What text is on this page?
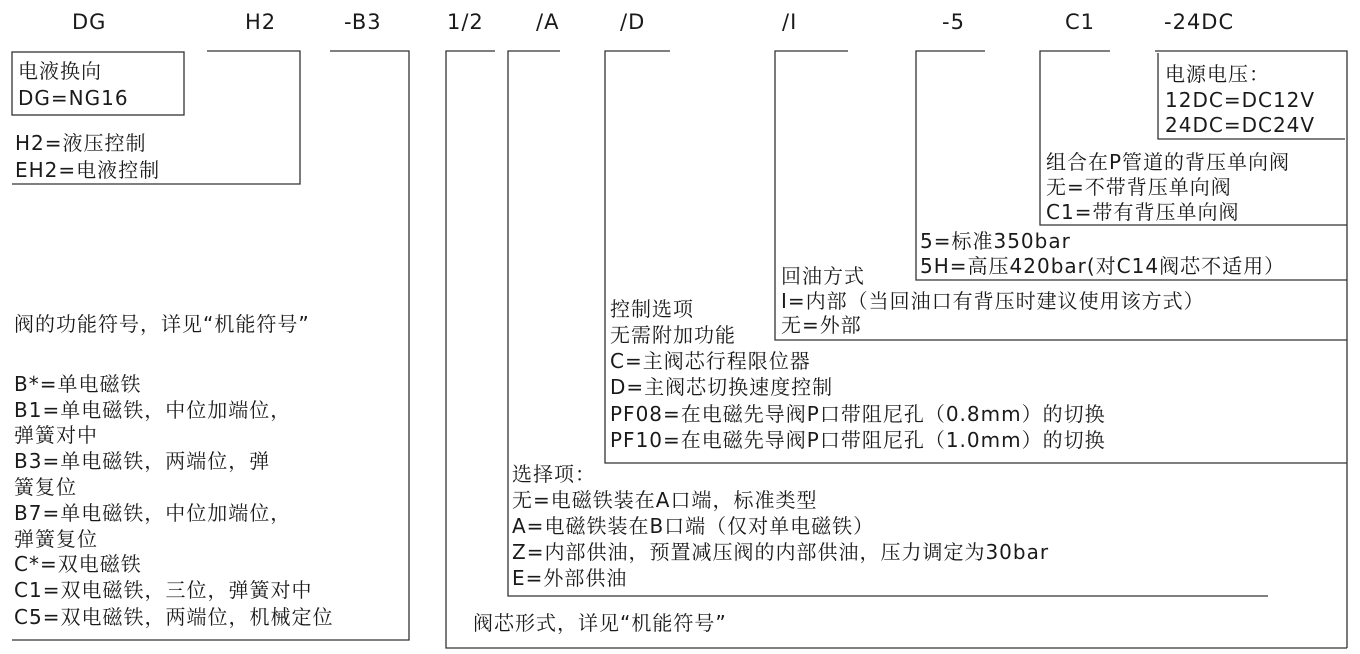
DG	H2	-B3	1/2 /A	/D	/I	-5	C1	-24DC
电液换向
DG=NG16
H2=液压控制
EH2=电液控制
阀的功能符号，详见“机能符号”
B*=单电磁铁
B1=单电磁铁，中位加端位，
弹簧对中
B3=单电磁铁，两端位，弹
簧复位
B7=单电磁铁，中位加端位，
弹簧复位
C*=双电磁铁
C1=双电磁铁，三位，弹簧对中
C5=双电磁铁，两端位，机械定位	阀芯形式，详见“机能符号”
选择项：
无=电磁铁装在A口端，标准类型
A=电磁铁装在B口端（仅对单电磁铁）
Z=内部供油，预置减压阀的内部供油，压力调定为30bar
E=外部供油
控制选项
无需附加功能
C=主阀芯行程限位器
D=主阀芯切换速度控制
PF08=在电磁先导阀P口带阻尼孔（0.8mm）的切换
PF10=在电磁先导阀P口带阻尼孔（1.0mm）的切换
回油方式
I=内部（当回油口有背压时建议使用该方式）
无=外部
5=标准350bar
5H=高压420bar(对C14阀芯不适用）
组合在P管道的背压单向阀
无=不带背压单向阀
C1=带有背压单向阀
电源电压：
12DC=DC12V
24DC=DC24V
